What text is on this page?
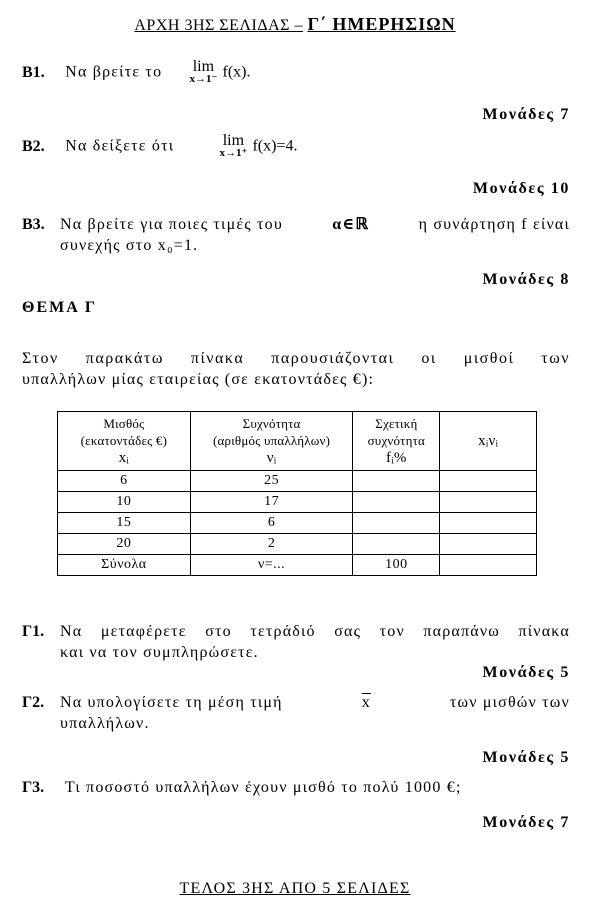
ΑΡΧΗ 3ΗΣ ΣΕΛΙΔΑΣ – Γ΄ ΗΜΕΡΗΣΙΩΝ
Β1. Να βρείτε το lim
x→1⁻ f(x).
Μονάδες 7
Β2. Να δείξετε ότι	lim
x→1⁺ f(x)=4.
Μονάδες 10
Β3. Να βρείτε για ποιες τιμές του	α∈ℝ	η συνάρτηση f είναι
συνεχής στο x₀=1.
Μονάδες 8
ΘΕΜΑ Γ
Στον παρακάτω πίνακα παρουσιάζονται οι μισθοί των
υπαλλήλων μίας εταιρείας (σε εκατοντάδες €):
Μισθός
(εκατοντάδες €)
xᵢ	Συχνότητα
(αριθμός υπαλλήλων)
νᵢ	Σχετική
συχνότητα
fᵢ%	xᵢνᵢ
6	25		
10	17		
15	6		
20	2		
Σύνολα	ν=...	100	
Γ1. Να μεταφέρετε στο τετράδιό σας τον παραπάνω πίνακα
και να τον συμπληρώσετε.
Μονάδες 5
Γ2. Να υπολογίσετε τη μέση τιμή	$\overline{x}$	των μισθών των
υπαλλήλων.
Μονάδες 5
Γ3. Τι ποσοστό υπαλλήλων έχουν μισθό το πολύ 1000 €;
Μονάδες 7
ΤΕΛΟΣ 3ΗΣ ΑΠΟ 5 ΣΕΛΙΔΕΣ
